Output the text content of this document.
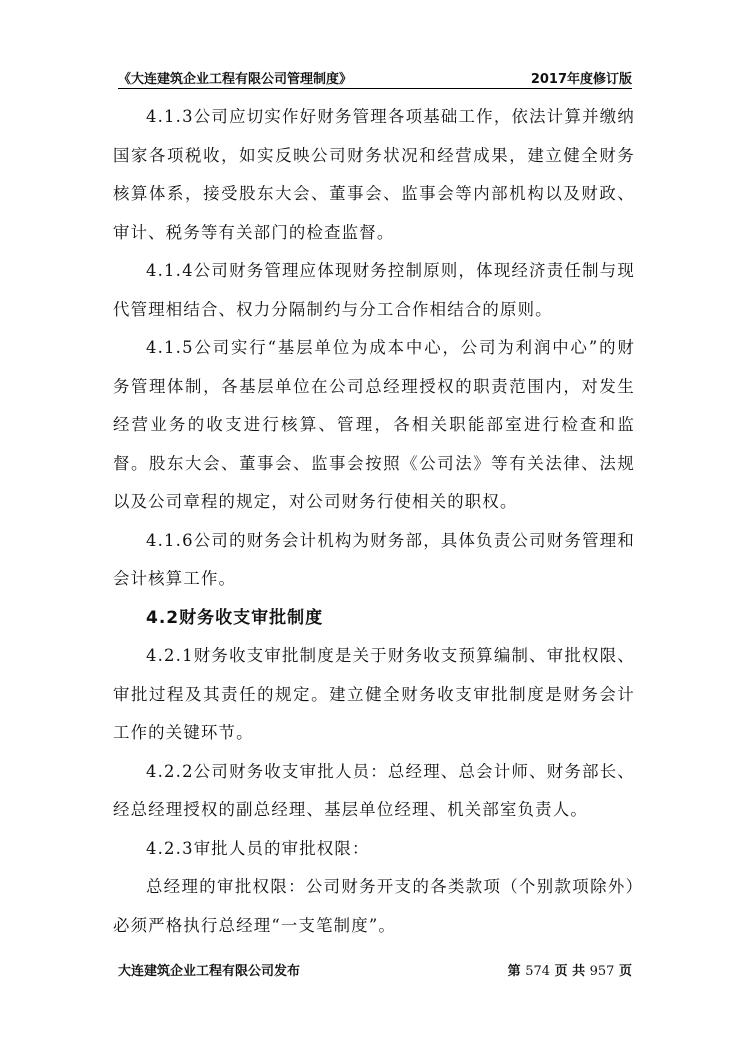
《大连建筑企业工程有限公司管理制度》	2017年度修订版

4.1.3公司应切实作好财务管理各项基础工作，依法计算并缴纳国家各项税收，如实反映公司财务状况和经营成果，建立健全财务核算体系，接受股东大会、董事会、监事会等内部机构以及财政、审计、税务等有关部门的检查监督。

4.1.4公司财务管理应体现财务控制原则，体现经济责任制与现代管理相结合、权力分隔制约与分工合作相结合的原则。

4.1.5公司实行“基层单位为成本中心，公司为利润中心”的财务管理体制，各基层单位在公司总经理授权的职责范围内，对发生经营业务的收支进行核算、管理，各相关职能部室进行检查和监督。股东大会、董事会、监事会按照《公司法》等有关法律、法规以及公司章程的规定，对公司财务行使相关的职权。

4.1.6公司的财务会计机构为财务部，具体负责公司财务管理和会计核算工作。

4.2财务收支审批制度

4.2.1财务收支审批制度是关于财务收支预算编制、审批权限、审批过程及其责任的规定。建立健全财务收支审批制度是财务会计工作的关键环节。

4.2.2公司财务收支审批人员：总经理、总会计师、财务部长、经总经理授权的副总经理、基层单位经理、机关部室负责人。

4.2.3审批人员的审批权限：

总经理的审批权限：公司财务开支的各类款项（个别款项除外）必须严格执行总经理“一支笔制度”。

大连建筑企业工程有限公司发布	第 574 页 共 957 页
